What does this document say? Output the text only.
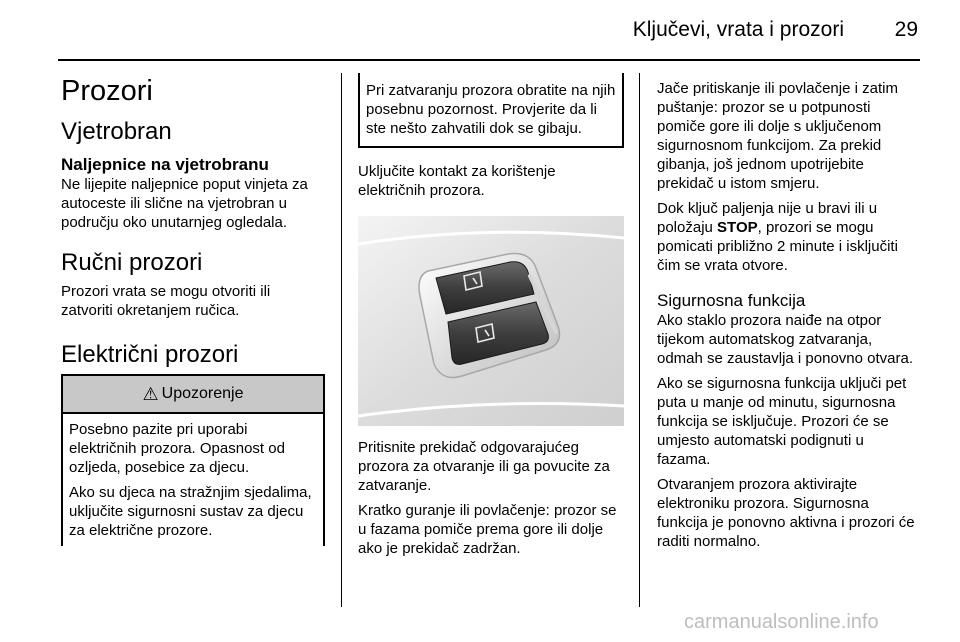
Ključevi, vrata i prozori 29
Prozori
Vjetrobran
Naljepnice na vjetrobranu

Ne lijepite naljepnice poput vinjeta za autoceste ili slične na vjetrobran u području oko unutarnjeg ogledala.

Ručni prozori

Prozori vrata se mogu otvoriti ili zatvoriti okretanjem ručica.

Električni prozori
⚠ Upozorenje

Posebno pazite pri uporabi električnih prozora. Opasnost od ozljeda, posebice za djecu.

Ako su djeca na stražnjim sjedalima, uključite sigurnosni sustav za djecu za električne prozore.

Pri zatvaranju prozora obratite na njih posebnu pozornost. Provjerite da li ste nešto zahvatili dok se gibaju.

Uključite kontakt za korištenje električnih prozora.

Pritisnite prekidač odgovarajućeg prozora za otvaranje ili ga povucite za zatvaranje.

Kratko guranje ili povlačenje: prozor se u fazama pomiče prema gore ili dolje ako je prekidač zadržan.

Jače pritiskanje ili povlačenje i zatim puštanje: prozor se u potpunosti pomiče gore ili dolje s uključenom sigurnosnom funkcijom. Za prekid gibanja, još jednom upotrijebite prekidač u istom smjeru.

Dok ključ paljenja nije u bravi ili u položaju STOP, prozori se mogu pomicati približno 2 minute i isključiti čim se vrata otvore.

Sigurnosna funkcija

Ako staklo prozora naiđe na otpor tijekom automatskog zatvaranja, odmah se zaustavlja i ponovno otvara.

Ako se sigurnosna funkcija uključi pet puta u manje od minutu, sigurnosna funkcija se isključuje. Prozori će se umjesto automatski podignuti u fazama.

Otvaranjem prozora aktivirajte elektroniku prozora. Sigurnosna funkcija je ponovno aktivna i prozori će raditi normalno.

carmanualsonline.info
